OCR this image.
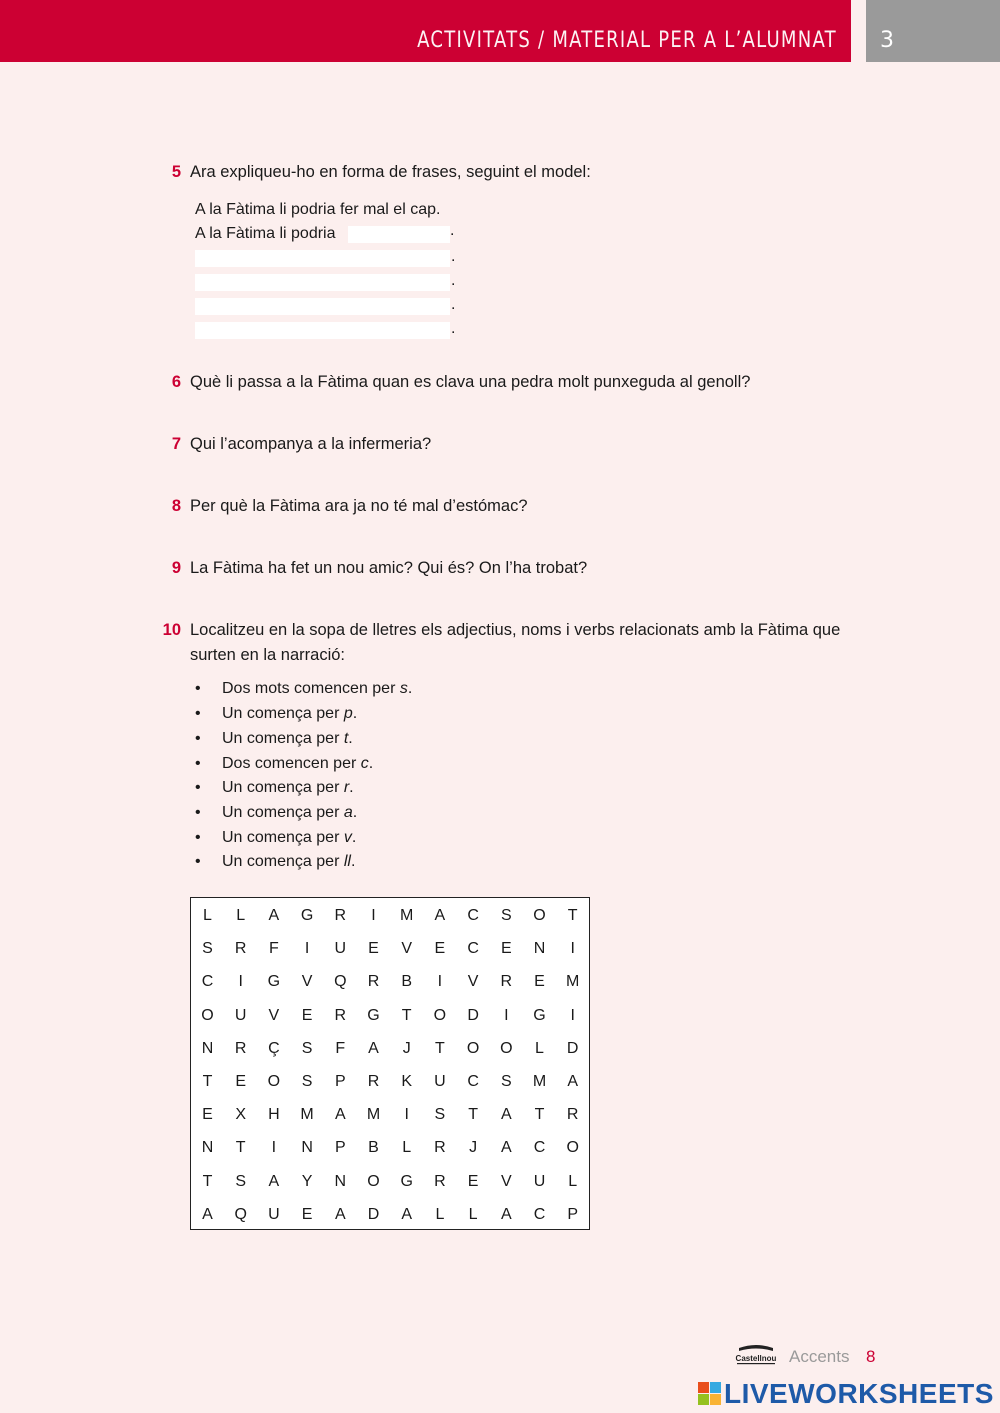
ACTIVITATS / MATERIAL PER A L’ALUMNAT 3
5 Ara expliqueu-ho en forma de frases, seguint el model:
A la Fàtima li podria fer mal el cap.
A la Fàtima li podria	.
.
.
.
.
6 Què li passa a la Fàtima quan es clava una pedra molt punxeguda al genoll?
7 Qui l’acompanya a la infermeria?
8 Per què la Fàtima ara ja no té mal d’estómac?
9 La Fàtima ha fet un nou amic? Qui és? On l’ha trobat?
10 Localitzeu en la sopa de lletres els adjectius, noms i verbs relacionats amb la Fàtima que surten en la narració:
• Dos mots comencen per s.
• Un comença per p.
• Un comença per t.
• Dos comencen per c.
• Un comença per r.
• Un comença per a.
• Un comença per v.
• Un comença per ll.
L	L	A	G	R	I	M	A	C	S	O	T
S	R	F	I	U	E	V	E	C	E	N	I
C	I	G	V	Q	R	B	I	V	R	E	M
O	U	V	E	R	G	T	O	D	I	G	I
N	R	Ç	S	F	A	J	T	O	O	L	D
T	E	O	S	P	R	K	U	C	S	M	A
E	X	H	M	A	M	I	S	T	A	T	R
N	T	I	N	P	B	L	R	J	A	C	O
T	S	A	Y	N	O	G	R	E	V	U	L
A	Q	U	E	A	D	A	L	L	A	C	P
Castellnou Accents 8
LIVEWORKSHEETS
